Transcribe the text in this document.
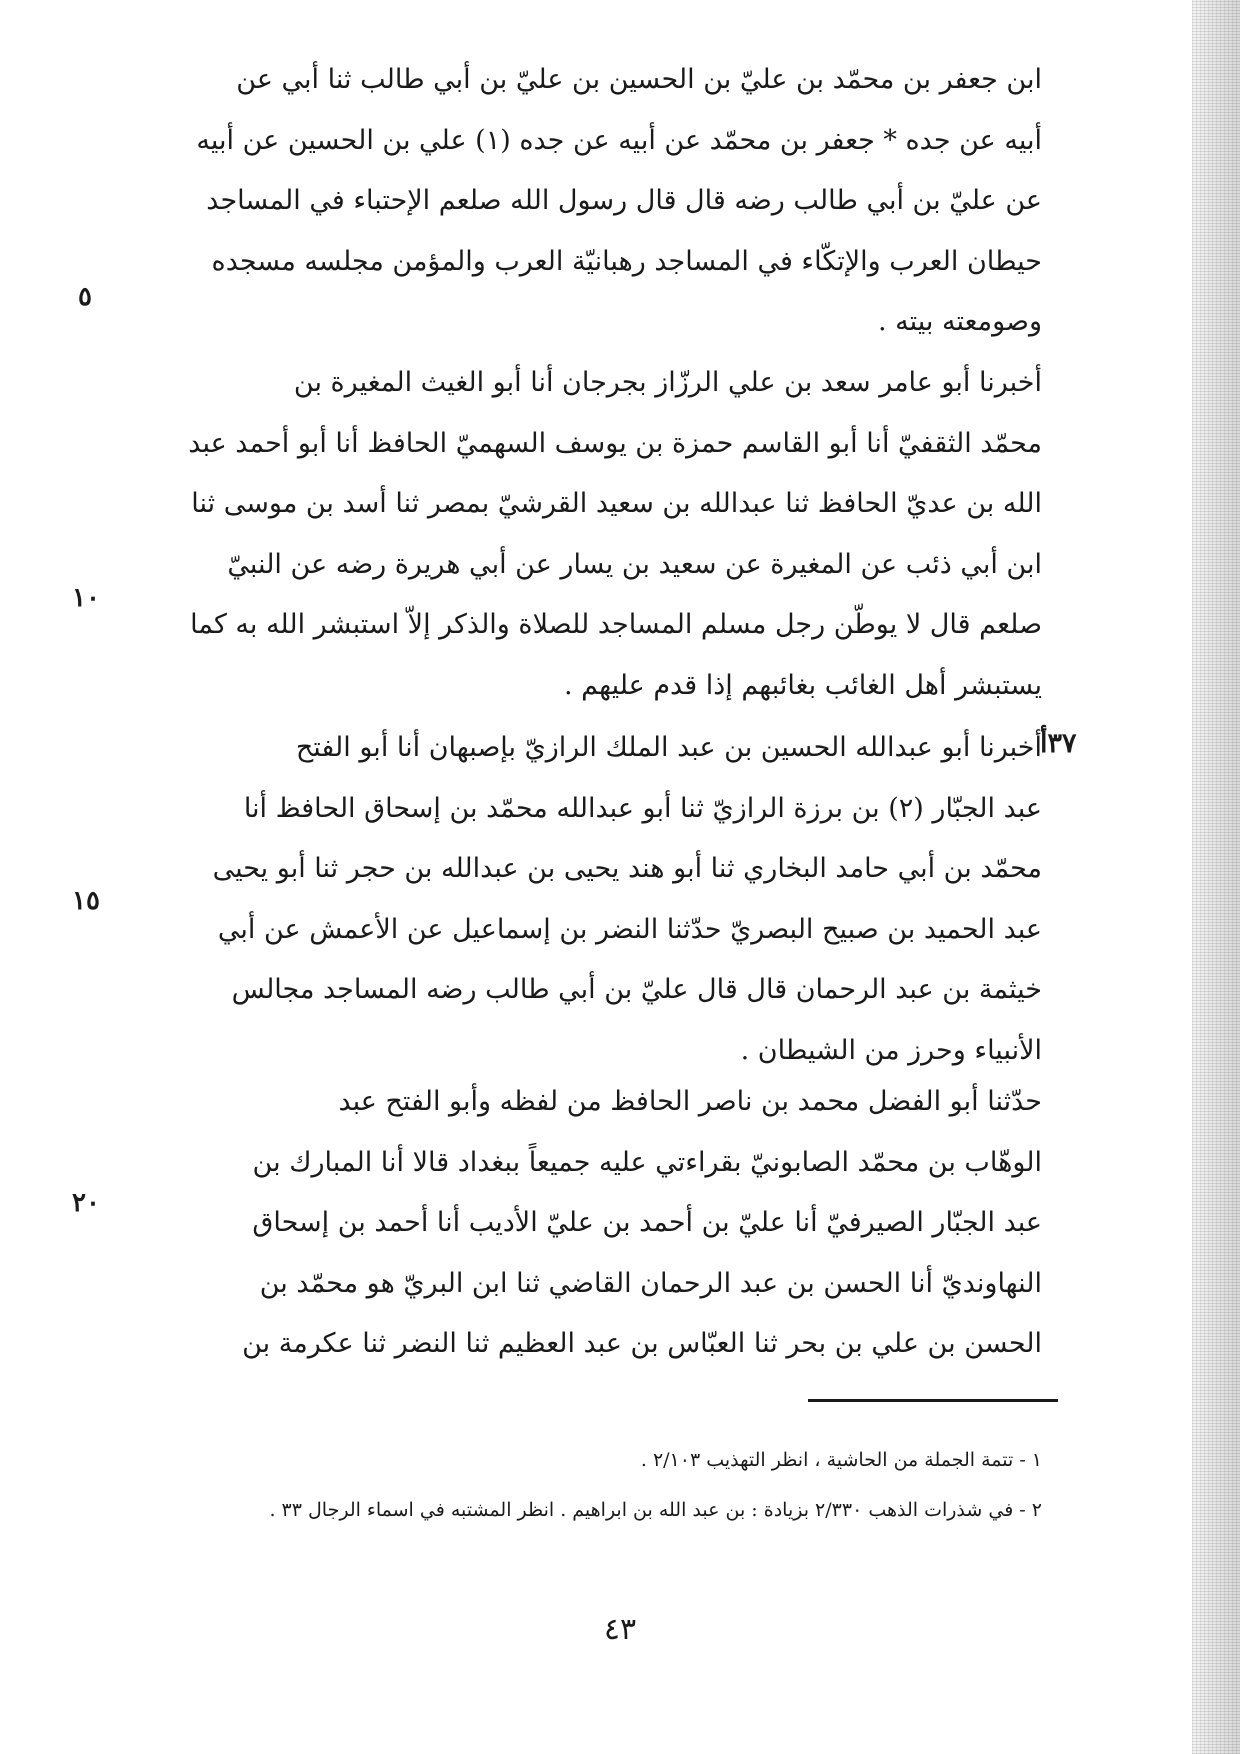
ابن جعفر بن محمّد بن عليّ بن الحسين بن عليّ بن أبي طالب ثنا أبي عن
أبيه عن جده * جعفر بن محمّد عن أبيه عن جده (١) علي بن الحسين عن أبيه
عن عليّ بن أبي طالب رضه قال قال رسول الله صلعم الإحتباء في المساجد
حيطان العرب والإتكّاء في المساجد رهبانيّة العرب والمؤمن مجلسه مسجده
وصومعته بيته .
أخبرنا أبو عامر سعد بن علي الرزّاز بجرجان أنا أبو الغيث المغيرة بن
محمّد الثقفيّ أنا أبو القاسم حمزة بن يوسف السهميّ الحافظ أنا أبو أحمد عبد
الله بن عديّ الحافظ ثنا عبدالله بن سعيد القرشيّ بمصر ثنا أسد بن موسى ثنا
ابن أبي ذئب عن المغيرة عن سعيد بن يسار عن أبي هريرة رضه عن النبيّ
صلعم قال لا يوطّن رجل مسلم المساجد للصلاة والذكر إلاّ استبشر الله به كما
يستبشر أهل الغائب بغائبهم إذا قدم عليهم .
٣٧أ
أخبرنا أبو عبدالله الحسين بن عبد الملك الرازيّ بإصبهان أنا أبو الفتح
عبد الجبّار (٢) بن برزة الرازيّ ثنا أبو عبدالله محمّد بن إسحاق الحافظ أنا
محمّد بن أبي حامد البخاري ثنا أبو هند يحيى بن عبدالله بن حجر ثنا أبو يحيى
عبد الحميد بن صبيح البصريّ حدّثنا النضر بن إسماعيل عن الأعمش عن أبي
خيثمة بن عبد الرحمان قال قال عليّ بن أبي طالب رضه المساجد مجالس
الأنبياء وحرز من الشيطان .
حدّثنا أبو الفضل محمد بن ناصر الحافظ من لفظه وأبو الفتح عبد
الوهّاب بن محمّد الصابونيّ بقراءتي عليه جميعاً ببغداد قالا أنا المبارك بن
عبد الجبّار الصيرفيّ أنا عليّ بن أحمد بن عليّ الأديب أنا أحمد بن إسحاق
النهاونديّ أنا الحسن بن عبد الرحمان القاضي ثنا ابن البريّ هو محمّد بن
الحسن بن علي بن بحر ثنا العبّاس بن عبد العظيم ثنا النضر ثنا عكرمة بن
٥
١٠
١٥
٢٠

١ - تتمة الجملة من الحاشية ، انظر التهذيب ٢/١٠٣ .

٢ - في شذرات الذهب ٢/٣٣٠ بزيادة : بن عبد الله بن ابراهيم . انظر المشتبه في اسماء الرجال ٣٣ .

٤٣
